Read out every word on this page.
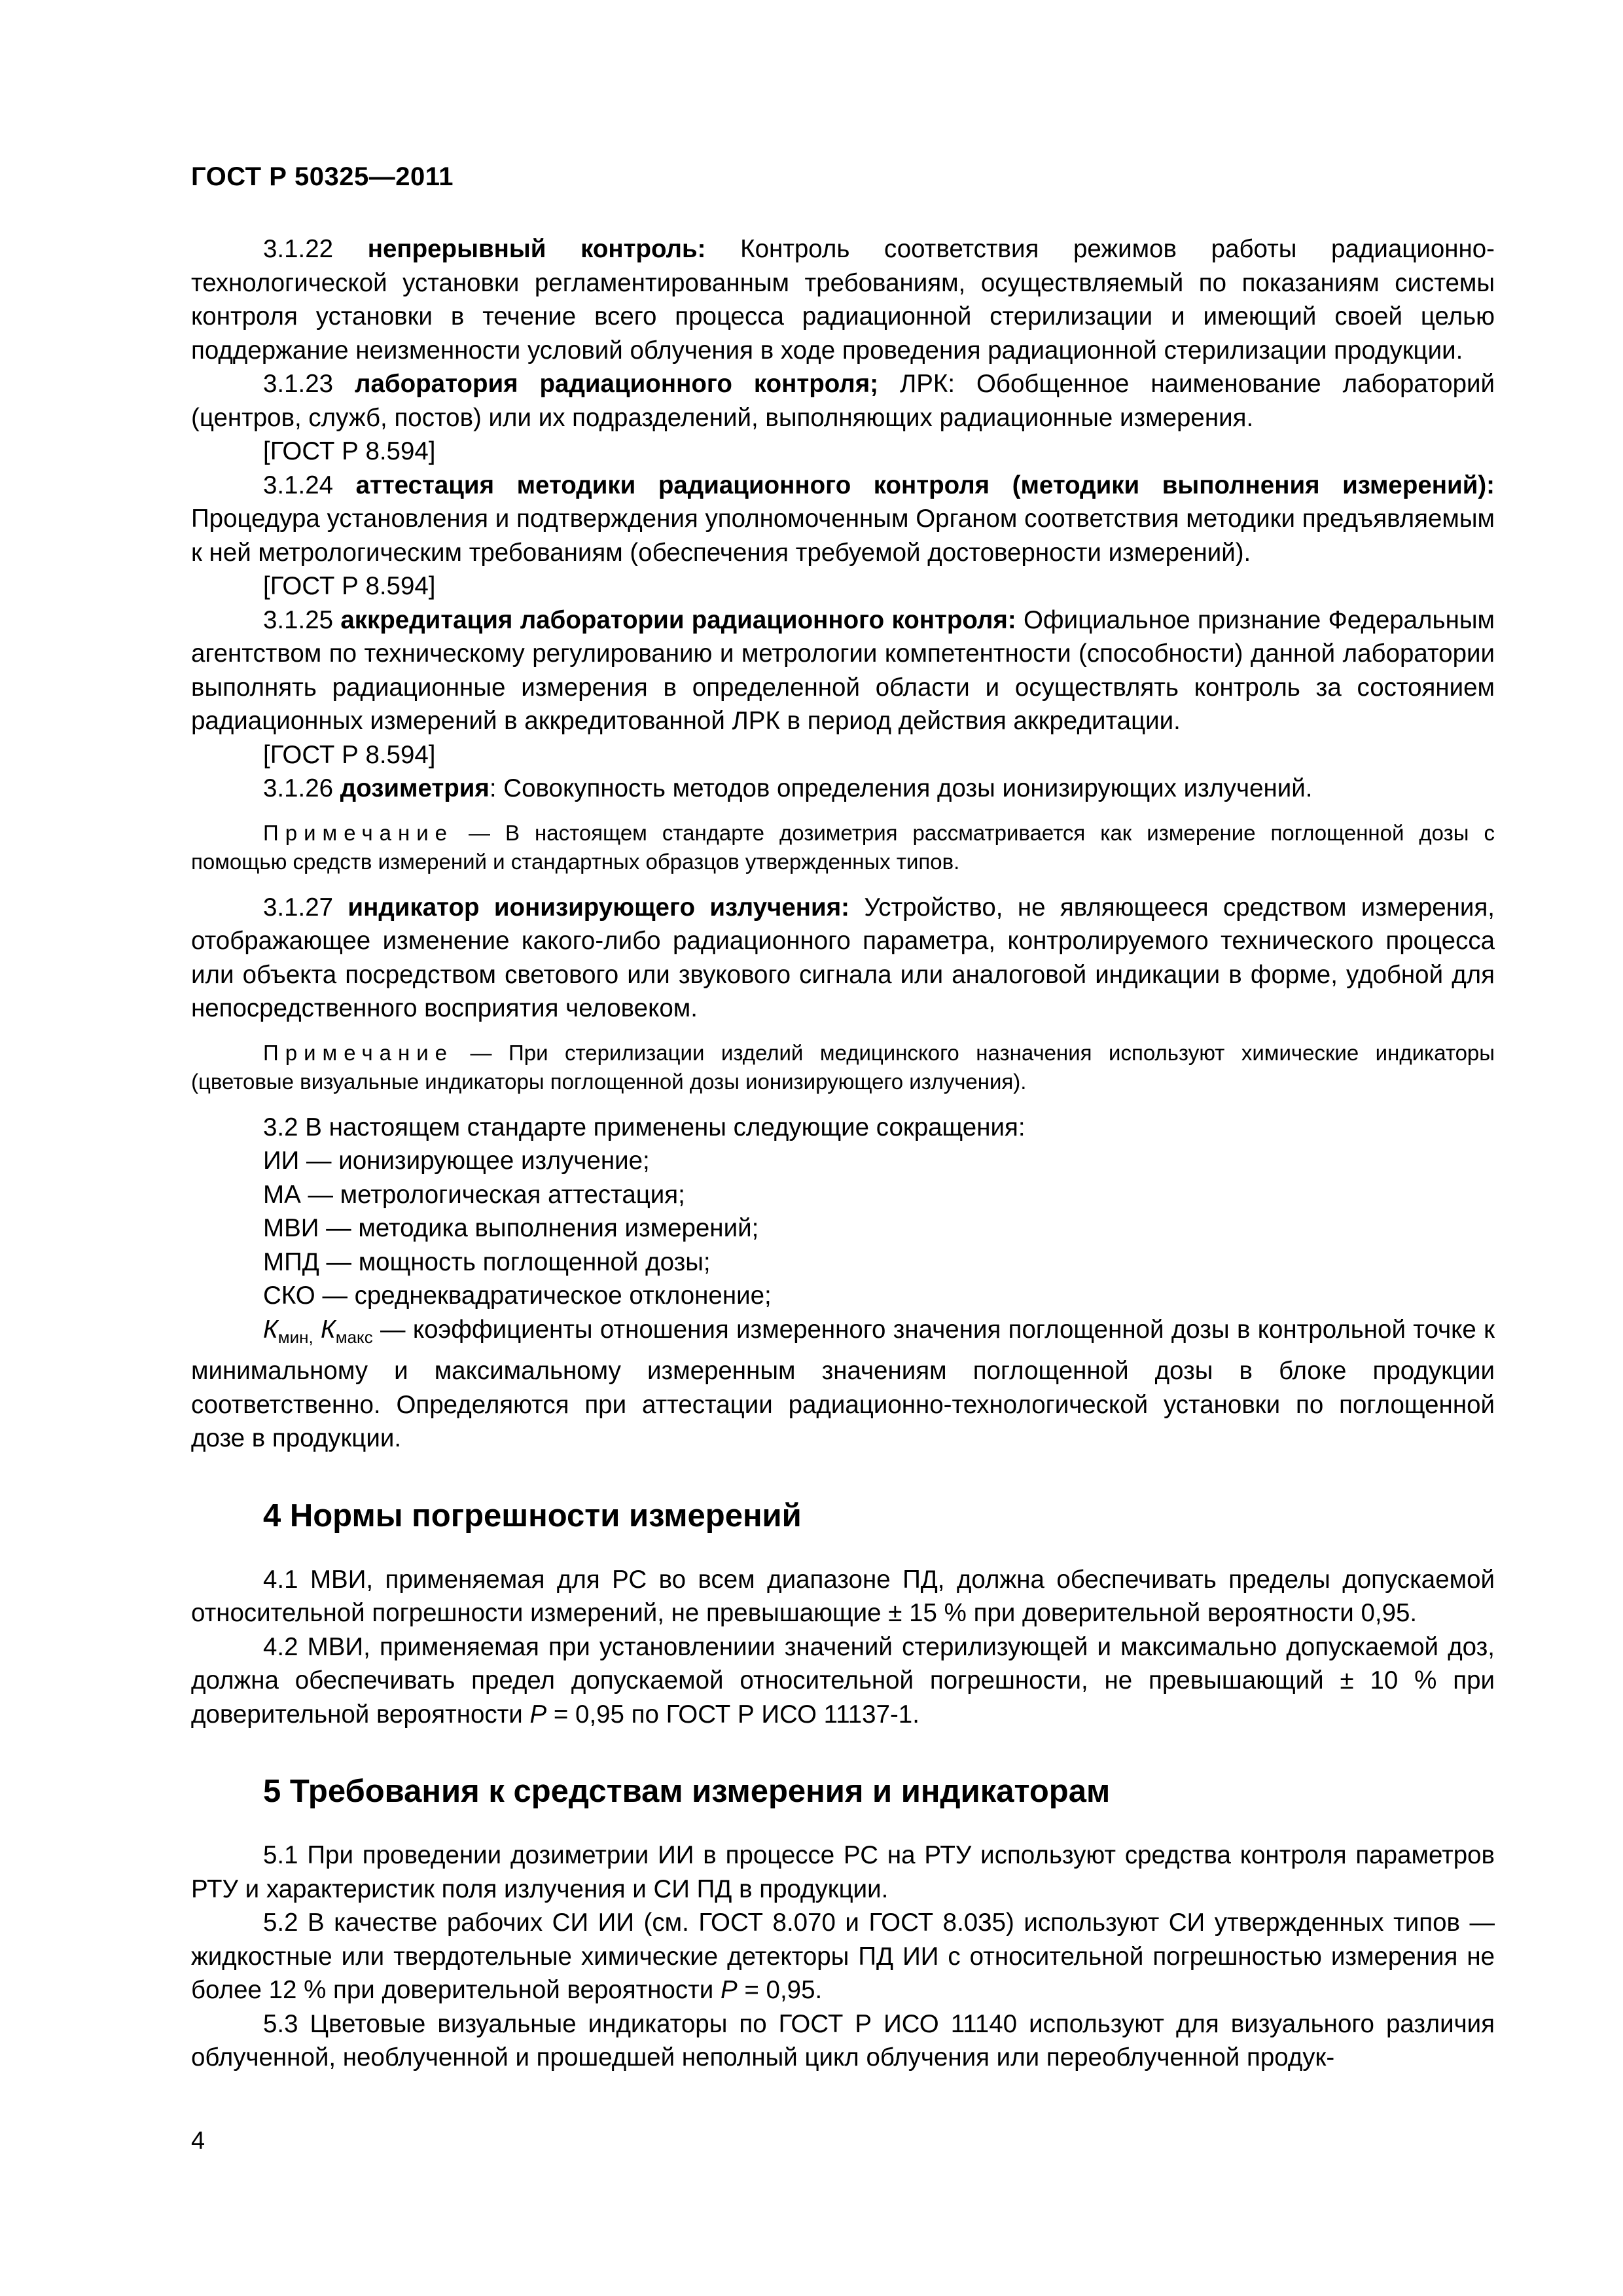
ГОСТ Р 50325—2011

3.1.22 непрерывный контроль: Контроль соответствия режимов работы радиационно-технологической установки регламентированным требованиям, осуществляемый по показаниям системы контроля установки в течение всего процесса радиационной стерилизации и имеющий своей целью поддержание неизменности условий облучения в ходе проведения радиационной стерилизации продукции.

3.1.23 лаборатория радиационного контроля; ЛРК: Обобщенное наименование лабораторий (центров, служб, постов) или их подразделений, выполняющих радиационные измерения.

[ГОСТ Р 8.594]

3.1.24 аттестация методики радиационного контроля (методики выполнения измерений): Процедура установления и подтверждения уполномоченным Органом соответствия методики предъявляемым к ней метрологическим требованиям (обеспечения требуемой достоверности измерений).

[ГОСТ Р 8.594]

3.1.25 аккредитация лаборатории радиационного контроля: Официальное признание Федеральным агентством по техническому регулированию и метрологии компетентности (способности) данной лаборатории выполнять радиационные измерения в определенной области и осуществлять контроль за состоянием радиационных измерений в аккредитованной ЛРК в период действия аккредитации.

[ГОСТ Р 8.594]

3.1.26 дозиметрия: Совокупность методов определения дозы ионизирующих излучений.

Примечание — В настоящем стандарте дозиметрия рассматривается как измерение поглощенной дозы с помощью средств измерений и стандартных образцов утвержденных типов.

3.1.27 индикатор ионизирующего излучения: Устройство, не являющееся средством измерения, отображающее изменение какого-либо радиационного параметра, контролируемого технического процесса или объекта посредством светового или звукового сигнала или аналоговой индикации в форме, удобной для непосредственного восприятия человеком.

Примечание — При стерилизации изделий медицинского назначения используют химические индикаторы (цветовые визуальные индикаторы поглощенной дозы ионизирующего излучения).

3.2 В настоящем стандарте применены следующие сокращения:

ИИ — ионизирующее излучение;

МА — метрологическая аттестация;

МВИ — методика выполнения измерений;

МПД — мощность поглощенной дозы;

СКО — среднеквадратическое отклонение;

$К_{мин,}$ $К_{макс}$ — коэффициенты отношения измеренного значения поглощенной дозы в контрольной точке к минимальному и максимальному измеренным значениям поглощенной дозы в блоке продукции соответственно. Определяются при аттестации радиационно-технологической установки по поглощенной дозе в продукции.

4 Нормы погрешности измерений

4.1 МВИ, применяемая для РС во всем диапазоне ПД, должна обеспечивать пределы допускаемой относительной погрешности измерений, не превышающие ± 15 % при доверительной вероятности 0,95.

4.2 МВИ, применяемая при установлениии значений стерилизующей и максимально допускаемой доз, должна обеспечивать предел допускаемой относительной погрешности, не превышающий ± 10 % при доверительной вероятности Р = 0,95 по ГОСТ Р ИСО 11137-1.

5 Требования к средствам измерения и индикаторам

5.1 При проведении дозиметрии ИИ в процессе РС на РТУ используют средства контроля параметров РТУ и характеристик поля излучения и СИ ПД в продукции.

5.2 В качестве рабочих СИ ИИ (см. ГОСТ 8.070 и ГОСТ 8.035) используют СИ утвержденных типов — жидкостные или твердотельные химические детекторы ПД ИИ с относительной погрешностью измерения не более 12 % при доверительной вероятности Р = 0,95.

5.3 Цветовые визуальные индикаторы по ГОСТ Р ИСО 11140 используют для визуального различия облученной, необлученной и прошедшей неполный цикл облучения или переоблученной продук-

4
